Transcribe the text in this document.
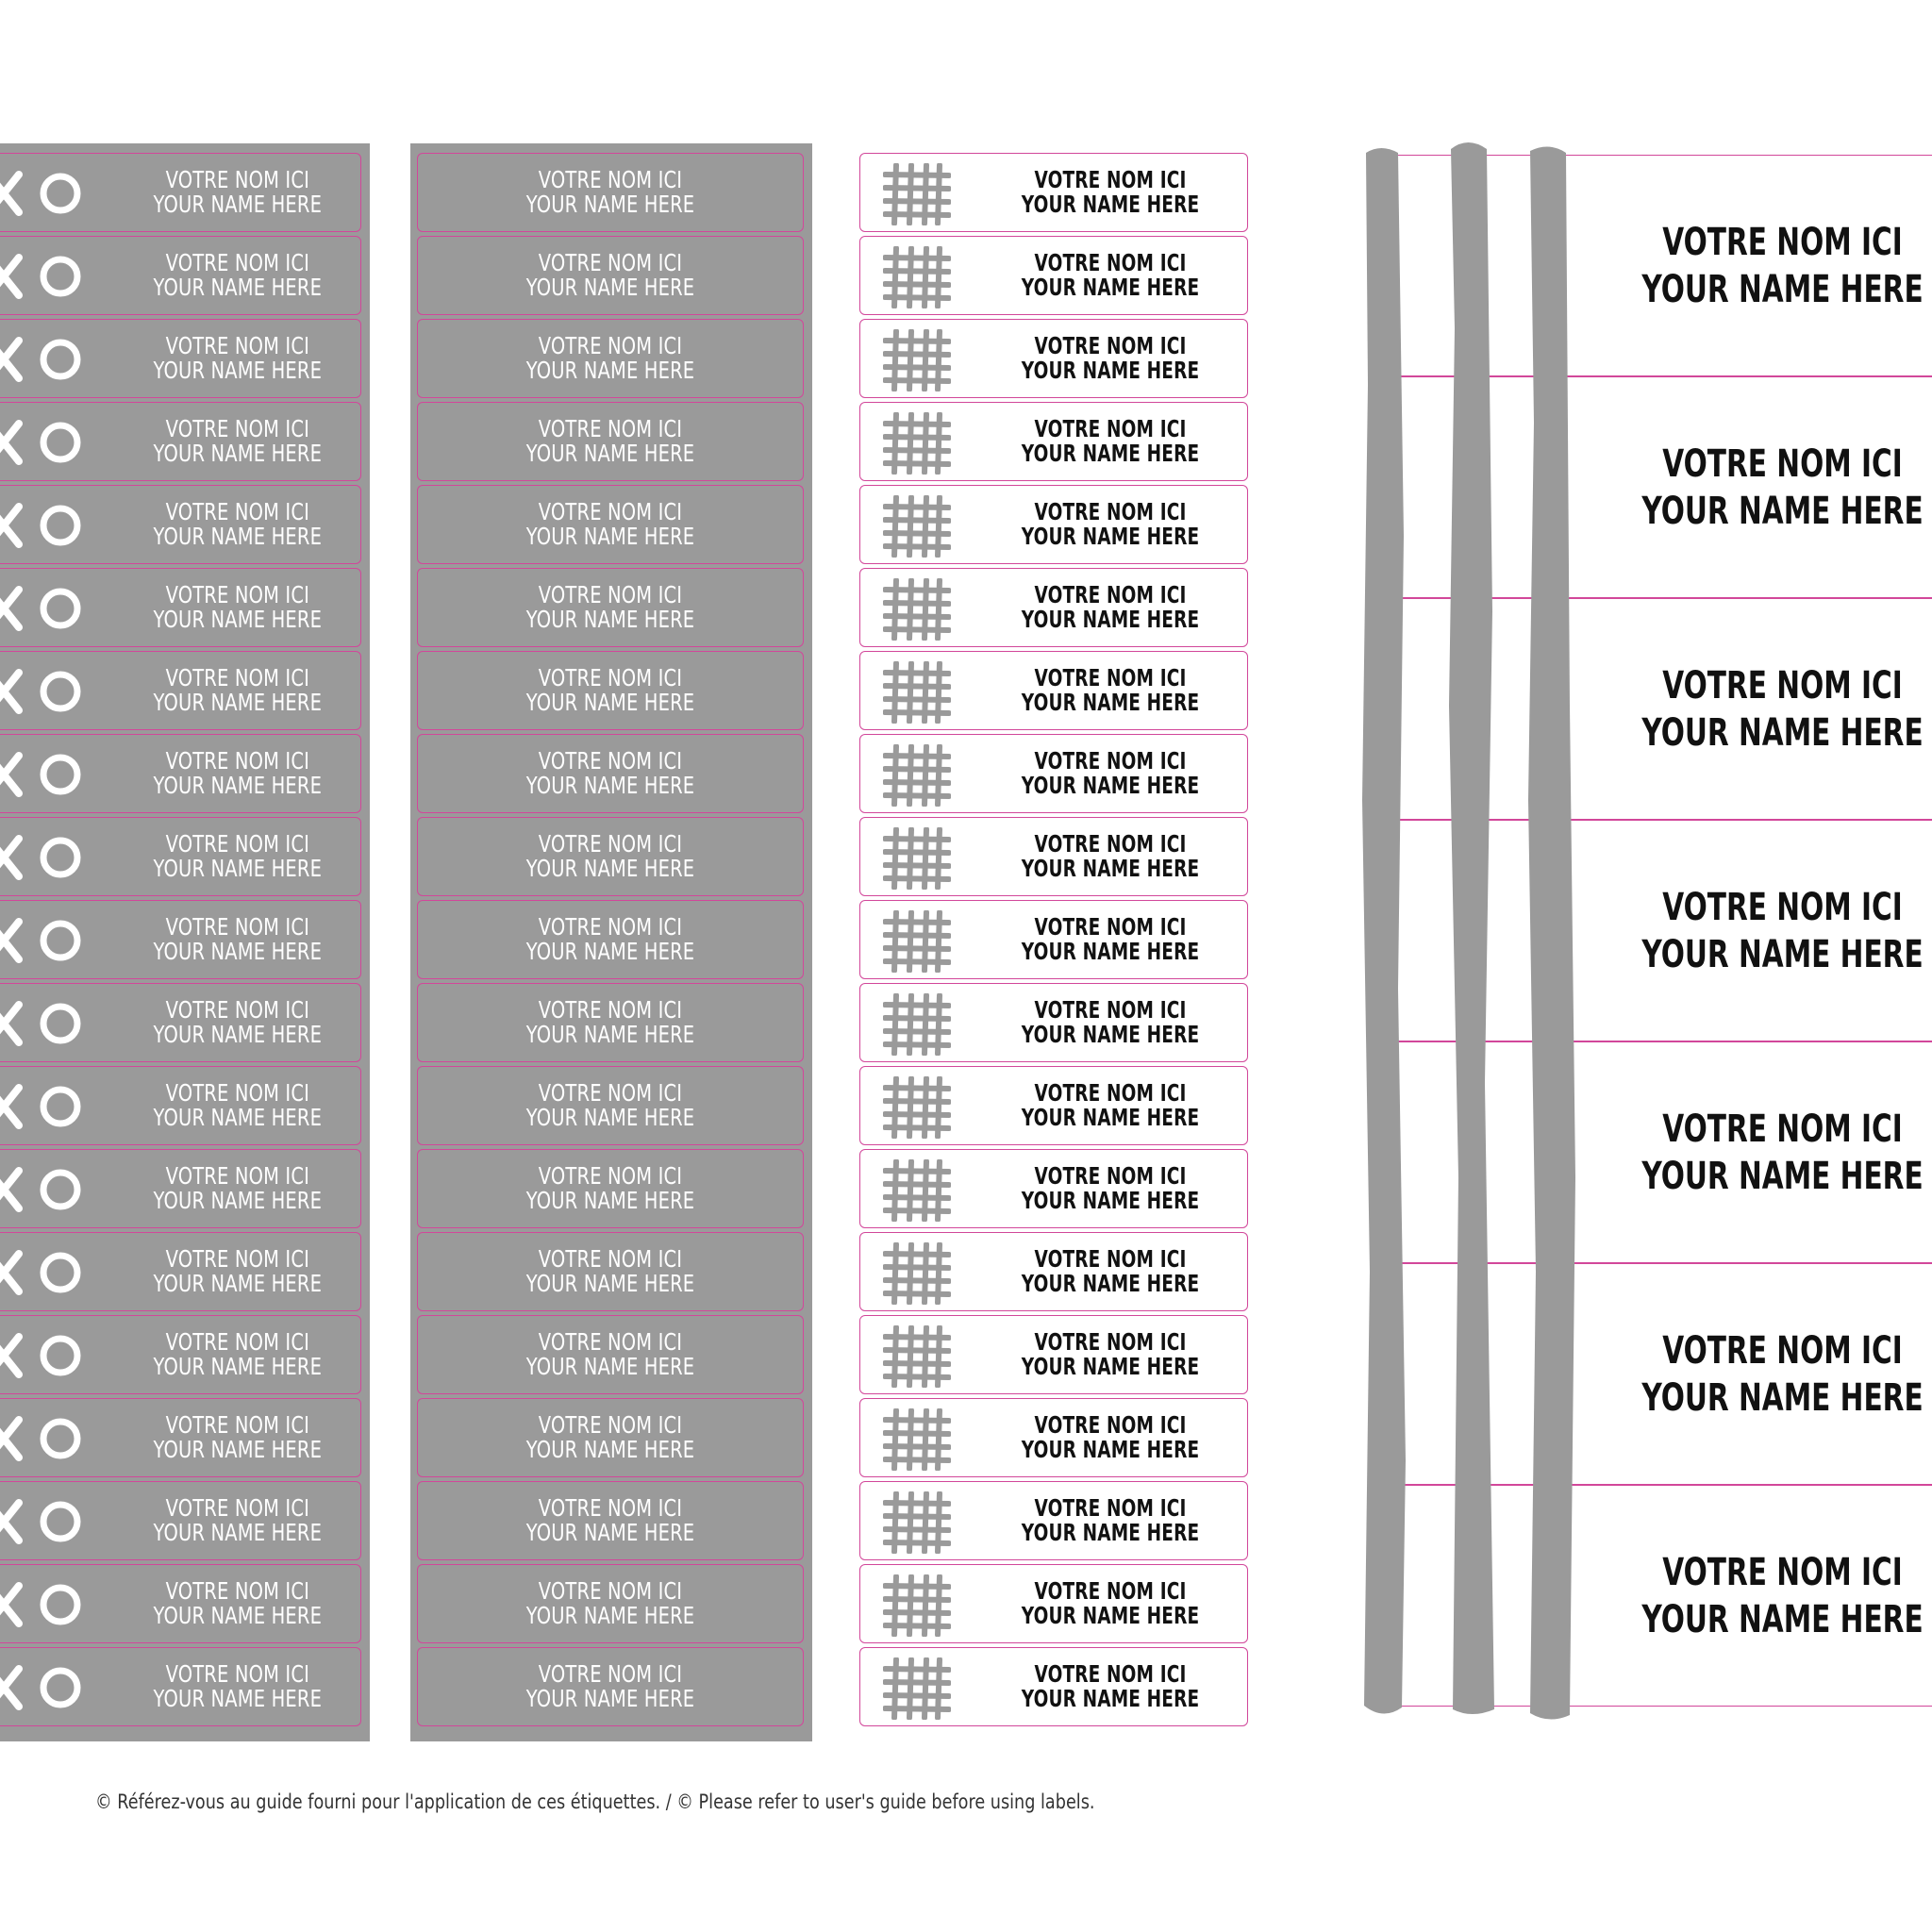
VOTRE NOM ICI
YOUR NAME HERE
VOTRE NOM ICI
YOUR NAME HERE
VOTRE NOM ICI
YOUR NAME HERE
VOTRE NOM ICI
YOUR NAME HERE
VOTRE NOM ICI
YOUR NAME HERE
VOTRE NOM ICI
YOUR NAME HERE
VOTRE NOM ICI
YOUR NAME HERE
VOTRE NOM ICI
YOUR NAME HERE
VOTRE NOM ICI
YOUR NAME HERE
VOTRE NOM ICI
YOUR NAME HERE
VOTRE NOM ICI
YOUR NAME HERE
VOTRE NOM ICI
YOUR NAME HERE
VOTRE NOM ICI
YOUR NAME HERE
VOTRE NOM ICI
YOUR NAME HERE
VOTRE NOM ICI
YOUR NAME HERE
VOTRE NOM ICI
YOUR NAME HERE
VOTRE NOM ICI
YOUR NAME HERE
VOTRE NOM ICI
YOUR NAME HERE
VOTRE NOM ICI
YOUR NAME HERE
VOTRE NOM ICI
YOUR NAME HERE
VOTRE NOM ICI
YOUR NAME HERE
VOTRE NOM ICI
YOUR NAME HERE
VOTRE NOM ICI
YOUR NAME HERE
VOTRE NOM ICI
YOUR NAME HERE
VOTRE NOM ICI
YOUR NAME HERE
VOTRE NOM ICI
YOUR NAME HERE
VOTRE NOM ICI
YOUR NAME HERE
VOTRE NOM ICI
YOUR NAME HERE
VOTRE NOM ICI
YOUR NAME HERE
VOTRE NOM ICI
YOUR NAME HERE
VOTRE NOM ICI
YOUR NAME HERE
VOTRE NOM ICI
YOUR NAME HERE
VOTRE NOM ICI
YOUR NAME HERE
VOTRE NOM ICI
YOUR NAME HERE
VOTRE NOM ICI
YOUR NAME HERE
VOTRE NOM ICI
YOUR NAME HERE
VOTRE NOM ICI
YOUR NAME HERE
VOTRE NOM ICI
YOUR NAME HERE
VOTRE NOM ICI
YOUR NAME HERE
VOTRE NOM ICI
YOUR NAME HERE
VOTRE NOM ICI
YOUR NAME HERE
VOTRE NOM ICI
YOUR NAME HERE
VOTRE NOM ICI
YOUR NAME HERE
VOTRE NOM ICI
YOUR NAME HERE
VOTRE NOM ICI
YOUR NAME HERE
VOTRE NOM ICI
YOUR NAME HERE
VOTRE NOM ICI
YOUR NAME HERE
VOTRE NOM ICI
YOUR NAME HERE
VOTRE NOM ICI
YOUR NAME HERE
VOTRE NOM ICI
YOUR NAME HERE
VOTRE NOM ICI
YOUR NAME HERE
VOTRE NOM ICI
YOUR NAME HERE
VOTRE NOM ICI
YOUR NAME HERE
VOTRE NOM ICI
YOUR NAME HERE
VOTRE NOM ICI
YOUR NAME HERE
VOTRE NOM ICI
YOUR NAME HERE
VOTRE NOM ICI
YOUR NAME HERE
VOTRE NOM ICI
YOUR NAME HERE
VOTRE NOM ICI
YOUR NAME HERE
VOTRE NOM ICI
YOUR NAME HERE
VOTRE NOM ICI
YOUR NAME HERE
VOTRE NOM ICI
YOUR NAME HERE
VOTRE NOM ICI
YOUR NAME HERE
VOTRE NOM ICI
YOUR NAME HERE
© Référez-vous au guide fourni pour l'application de ces étiquettes. / © Please refer to user's guide before using labels.
